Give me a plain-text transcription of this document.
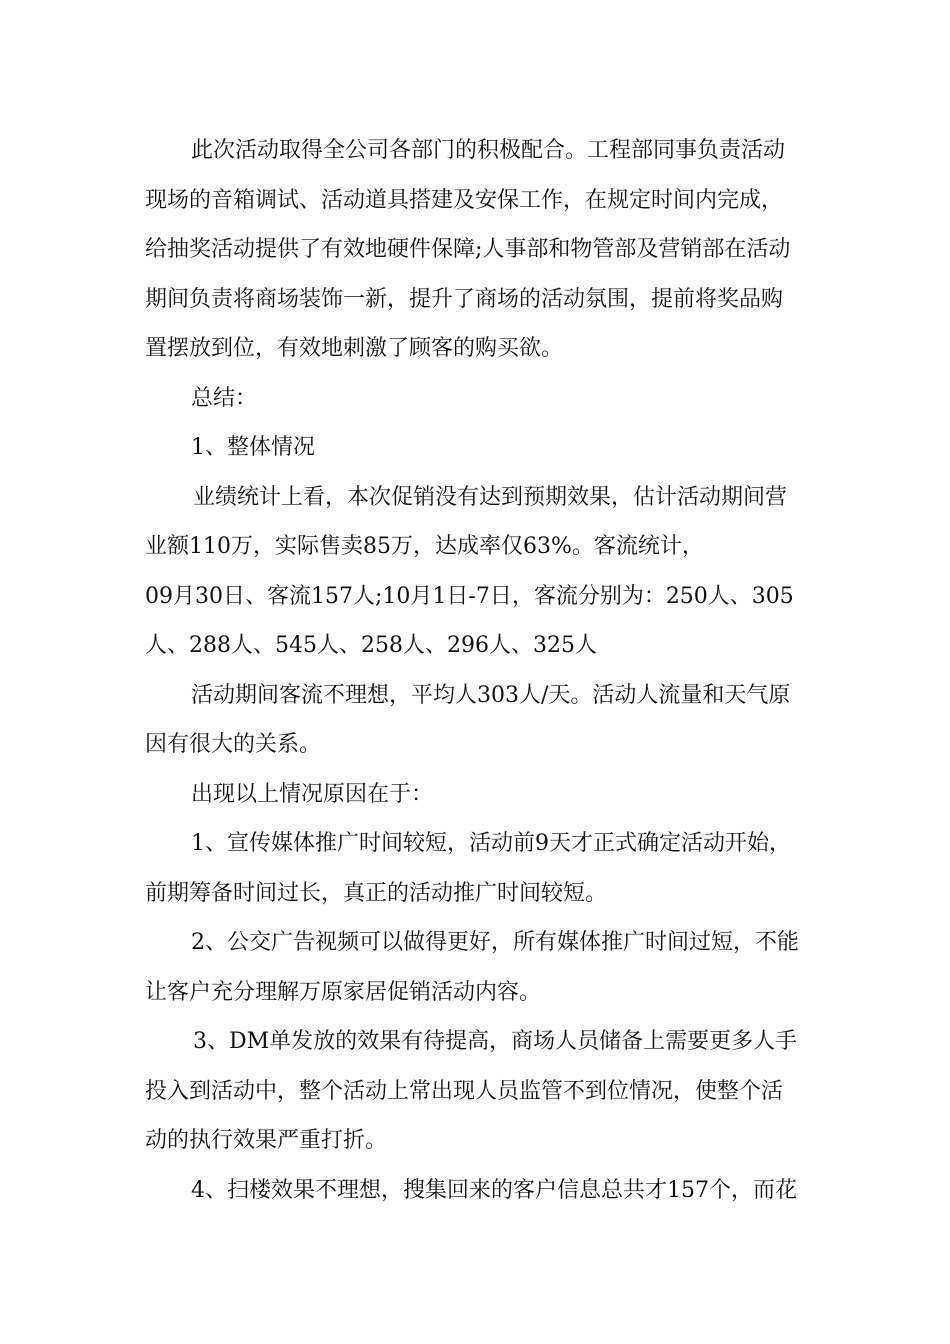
此次活动取得全公司各部门的积极配合。工程部同事负责活动
现场的音箱调试、活动道具搭建及安保工作，在规定时间内完成，
给抽奖活动提供了有效地硬件保障;人事部和物管部及营销部在活动
期间负责将商场装饰一新，提升了商场的活动氛围，提前将奖品购
置摆放到位，有效地刺激了顾客的购买欲。
总结：
1、整体情况
业绩统计上看，本次促销没有达到预期效果，估计活动期间营
业额110万，实际售卖85万，达成率仅63%。客流统计，
09月30日、客流157人;10月1日-7日，客流分别为：250人、305
人、288人、545人、258人、296人、325人
活动期间客流不理想，平均人303人/天。活动人流量和天气原
因有很大的关系。
出现以上情况原因在于：
1、宣传媒体推广时间较短，活动前9天才正式确定活动开始，
前期筹备时间过长，真正的活动推广时间较短。
2、公交广告视频可以做得更好，所有媒体推广时间过短，不能
让客户充分理解万原家居促销活动内容。
3、DM单发放的效果有待提高，商场人员储备上需要更多人手
投入到活动中，整个活动上常出现人员监管不到位情况，使整个活
动的执行效果严重打折。
4、扫楼效果不理想，搜集回来的客户信息总共才157个，而花
